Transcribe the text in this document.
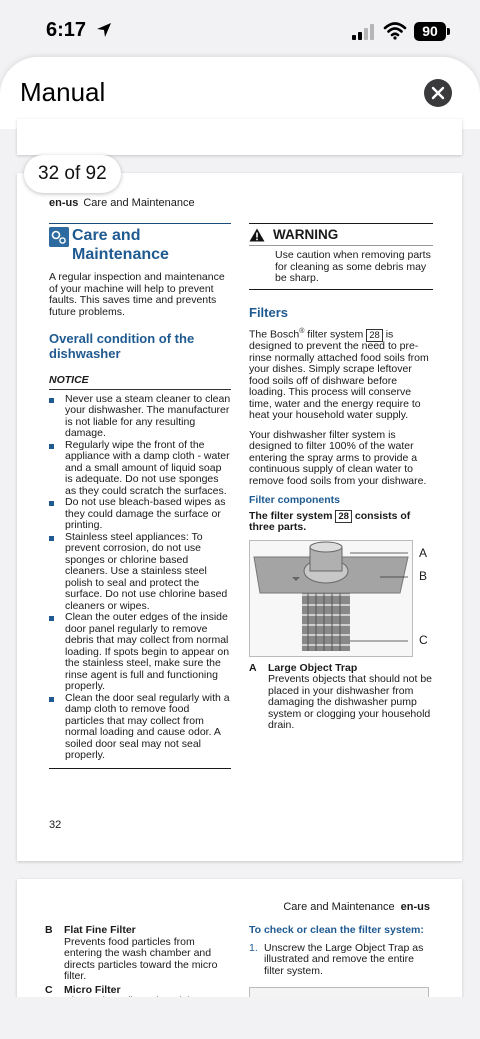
6:17	90
Manual
32 of 92
en-us Care and Maintenance
Care and Maintenance

A regular inspection and maintenance of your machine will help to prevent faults. This saves time and prevents future problems.

Overall condition of the dishwasher
NOTICE
Never use a steam cleaner to clean your dishwasher. The manufacturer is not liable for any resulting damage.
Regularly wipe the front of the appliance with a damp cloth - water and a small amount of liquid soap is adequate. Do not use sponges as they could scratch the surfaces.
Do not use bleach-based wipes as they could damage the surface or printing.
Stainless steel appliances: To prevent corrosion, do not use sponges or chlorine based cleaners. Use a stainless steel polish to seal and protect the surface. Do not use chlorine based cleaners or wipes.
Clean the outer edges of the inside door panel regularly to remove debris that may collect from normal loading. If spots begin to appear on the stainless steel, make sure the rinse agent is full and functioning properly.
Clean the door seal regularly with a damp cloth to remove food particles that may collect from normal loading and cause odor. A soiled door seal may not seal properly.
WARNING
Use caution when removing parts for cleaning as some debris may be sharp.
Filters

The Bosch® filter system 28 is designed to prevent the need to pre-rinse normally attached food soils from your dishes. Simply scrape leftover food soils off of dishware before loading. This process will conserve time, water and the energy require to heat your household water supply.

Your dishwasher filter system is designed to filter 100% of the water entering the spray arms to provide a continuous supply of clean water to remove food soils from your dishware.

Filter components

The filter system 28 consists of three parts.

A
B
C
A	Large Object Trap
Prevents objects that should not be placed in your dishwasher from damaging the dishwasher pump system or clogging your household drain.
32
Care and Maintenance en-us
B	Flat Fine Filter
Prevents food particles from entering the wash chamber and directs particles toward the micro filter.
C	Micro Filter
To check or clean the filter system:
1. Unscrew the Large Object Trap as illustrated and remove the entire filter system.
